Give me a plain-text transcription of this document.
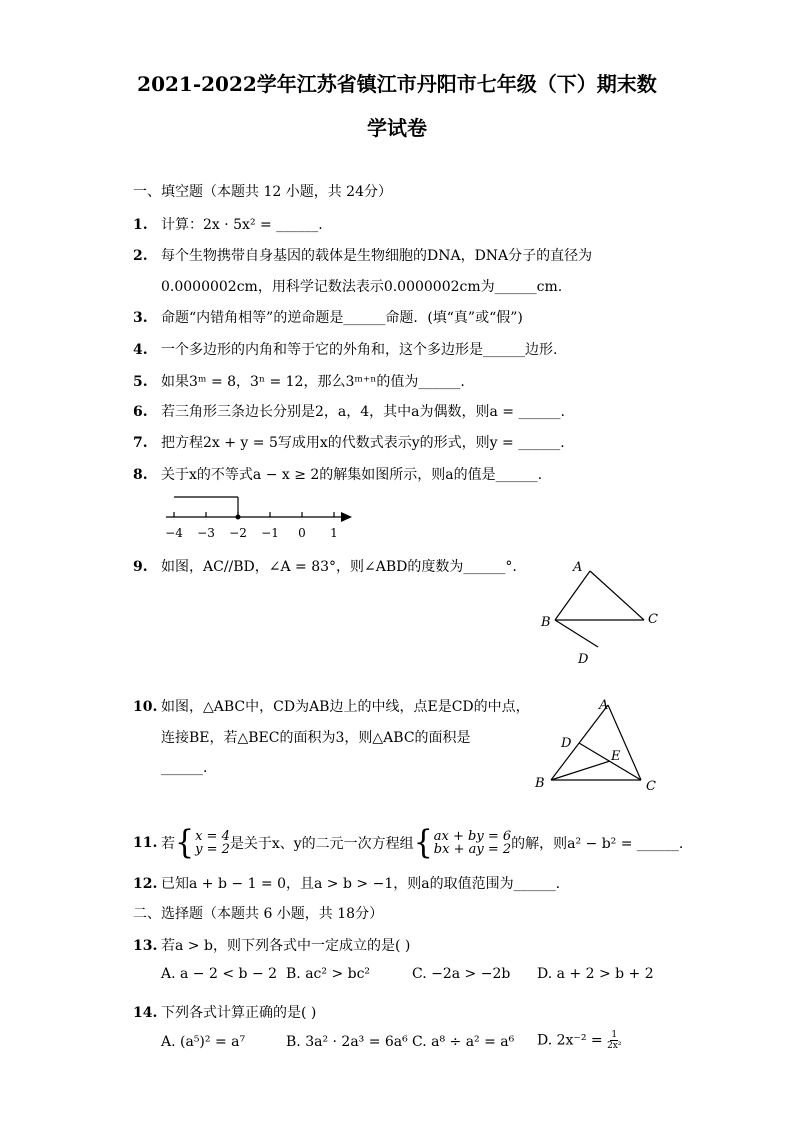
2021-2022学年江苏省镇江市丹阳市七年级（下）期末数
学试卷
一、填空题（本题共 12 小题，共 24分）
1. 计算：2x · 5x² = ______.
2. 每个生物携带自身基因的载体是生物细胞的DNA，DNA分子的直径为
0.0000002cm，用科学记数法表示0.0000002cm为______cm.
3. 命题“内错角相等”的逆命题是______命题．(填“真”或“假”)
4. 一个多边形的内角和等于它的外角和，这个多边形是______边形.
5. 如果3ᵐ = 8，3ⁿ = 12，那么3ᵐ⁺ⁿ的值为______.
6. 若三角形三条边长分别是2，a，4，其中a为偶数，则a = ______.
7. 把方程2x + y = 5写成用x的代数式表示y的形式，则y = ______.
8. 关于x的不等式a − x ≥ 2的解集如图所示，则a的值是______.
−4 −3 −2 −1 0 1
9. 如图，AC//BD，∠A = 83°，则∠ABD的度数为______°.	A
B	C
D
10. 如图，△ABC中，CD为AB边上的中线，点E是CD的中点，
连接BE，若△BEC的面积为3，则△ABC的面积是
______.
A
D
E
B	C
11. 若 { x = 4
y = 2 是关于x、y的二元一次方程组 { ax + by = 6
bx + ay = 2 的解，则a² − b² = ______.
12. 已知a + b − 1 = 0，且a > b > −1，则a的取值范围为______.
二、选择题（本题共 6 小题，共 18分）
13. 若a > b，则下列各式中一定成立的是( )
A. a − 2 < b − 2 B. ac² > bc²	C. −2a > −2b D. a + 2 > b + 2
14. 下列各式计算正确的是( )
A. (a⁵)² = a⁷	B. 3a² · 2a³ = 6a⁶ C. a⁸ ÷ a² = a⁶ D. $2x^{-2} = \frac{1}{\text{2x²}}$
